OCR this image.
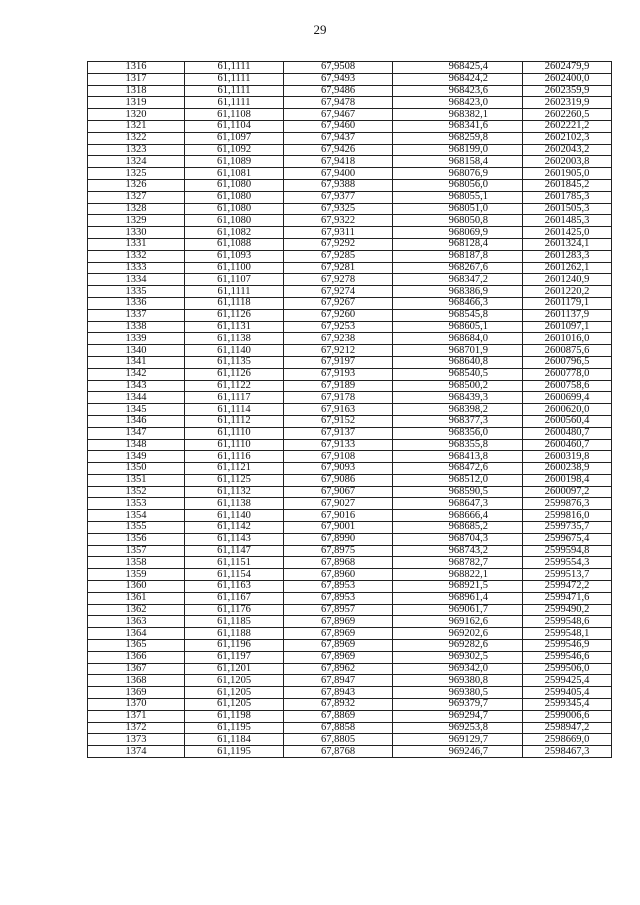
29
1316	61,1111	67,9508	968425,4	2602479,9
1317	61,1111	67,9493	968424,2	2602400,0
1318	61,1111	67,9486	968423,6	2602359,9
1319	61,1111	67,9478	968423,0	2602319,9
1320	61,1108	67,9467	968382,1	2602260,5
1321	61,1104	67,9460	968341,6	2602221,2
1322	61,1097	67,9437	968259,8	2602102,3
1323	61,1092	67,9426	968199,0	2602043,2
1324	61,1089	67,9418	968158,4	2602003,8
1325	61,1081	67,9400	968076,9	2601905,0
1326	61,1080	67,9388	968056,0	2601845,2
1327	61,1080	67,9377	968055,1	2601785,3
1328	61,1080	67,9325	968051,0	2601505,3
1329	61,1080	67,9322	968050,8	2601485,3
1330	61,1082	67,9311	968069,9	2601425,0
1331	61,1088	67,9292	968128,4	2601324,1
1332	61,1093	67,9285	968187,8	2601283,3
1333	61,1100	67,9281	968267,6	2601262,1
1334	61,1107	67,9278	968347,2	2601240,9
1335	61,1111	67,9274	968386,9	2601220,2
1336	61,1118	67,9267	968466,3	2601179,1
1337	61,1126	67,9260	968545,8	2601137,9
1338	61,1131	67,9253	968605,1	2601097,1
1339	61,1138	67,9238	968684,0	2601016,0
1340	61,1140	67,9212	968701,9	2600875,6
1341	61,1135	67,9197	968640,8	2600796,5
1342	61,1126	67,9193	968540,5	2600778,0
1343	61,1122	67,9189	968500,2	2600758,6
1344	61,1117	67,9178	968439,3	2600699,4
1345	61,1114	67,9163	968398,2	2600620,0
1346	61,1112	67,9152	968377,3	2600560,4
1347	61,1110	67,9137	968356,0	2600480,7
1348	61,1110	67,9133	968355,8	2600460,7
1349	61,1116	67,9108	968413,8	2600319,8
1350	61,1121	67,9093	968472,6	2600238,9
1351	61,1125	67,9086	968512,0	2600198,4
1352	61,1132	67,9067	968590,5	2600097,2
1353	61,1138	67,9027	968647,3	2599876,3
1354	61,1140	67,9016	968666,4	2599816,0
1355	61,1142	67,9001	968685,2	2599735,7
1356	61,1143	67,8990	968704,3	2599675,4
1357	61,1147	67,8975	968743,2	2599594,8
1358	61,1151	67,8968	968782,7	2599554,3
1359	61,1154	67,8960	968822,1	2599513,7
1360	61,1163	67,8953	968921,5	2599472,2
1361	61,1167	67,8953	968961,4	2599471,6
1362	61,1176	67,8957	969061,7	2599490,2
1363	61,1185	67,8969	969162,6	2599548,6
1364	61,1188	67,8969	969202,6	2599548,1
1365	61,1196	67,8969	969282,6	2599546,9
1366	61,1197	67,8969	969302,5	2599546,6
1367	61,1201	67,8962	969342,0	2599506,0
1368	61,1205	67,8947	969380,8	2599425,4
1369	61,1205	67,8943	969380,5	2599405,4
1370	61,1205	67,8932	969379,7	2599345,4
1371	61,1198	67,8869	969294,7	2599006,6
1372	61,1195	67,8858	969253,8	2598947,2
1373	61,1184	67,8805	969129,7	2598669,0
1374	61,1195	67,8768	969246,7	2598467,3
